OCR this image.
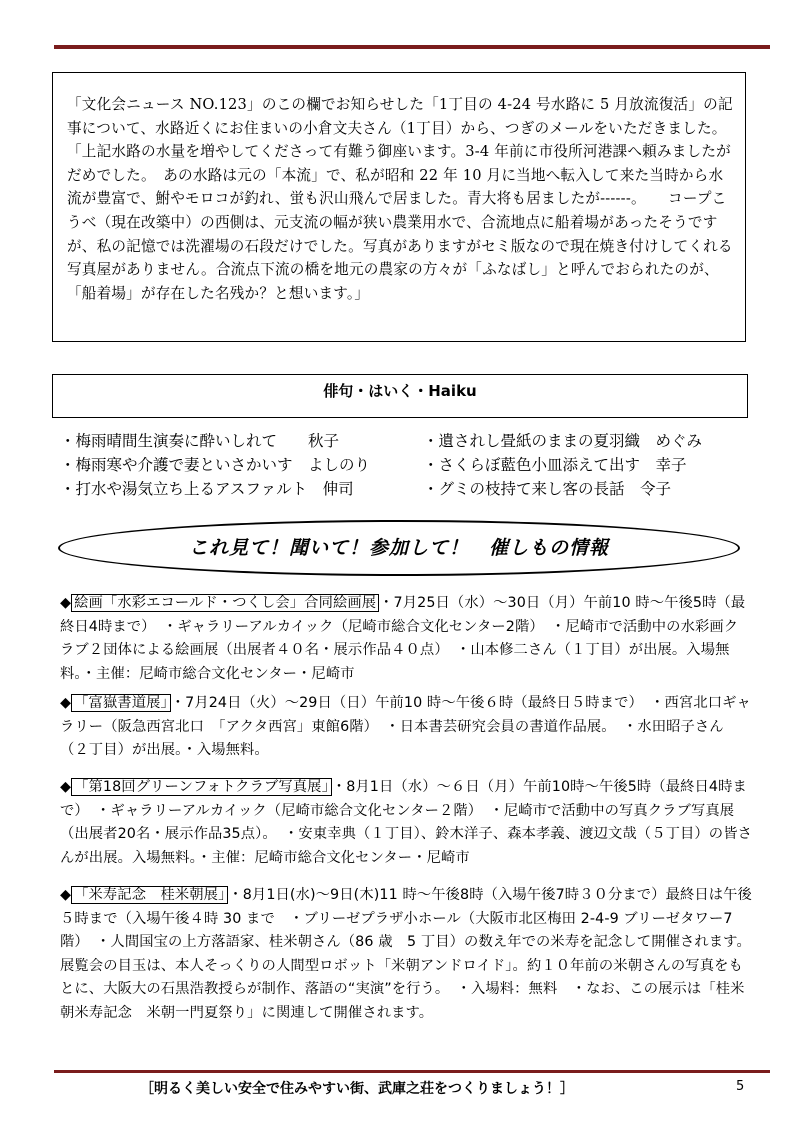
「文化会ニュース NO.123」のこの欄でお知らせした「1丁目の 4-24 号水路に 5 月放流復活」の記事について、水路近くにお住まいの小倉文夫さん（1丁目）から、つぎのメールをいただきました。

「上記水路の水量を増やしてくださって有難う御座います。3-4 年前に市役所河港課へ頼みましたがだめでした。　あの水路は元の「本流」で、私が昭和 22 年 10 月に当地へ転入して来た当時から水流が豊富で、鮒やモロコが釣れ、蛍も沢山飛んで居ました。青大将も居ましたが------。　　コープこうべ（現在改築中）の西側は、元支流の幅が狭い農業用水で、合流地点に船着場があったそうですが、私の記憶では洗濯場の石段だけでした。写真がありますがセミ版なので現在焼き付けしてくれる写真屋がありません。合流点下流の橋を地元の農家の方々が「ふなばし」と呼んでおられたのが、「船着場」が存在した名残か？と想います。」

俳句・はいく・Haiku
・梅雨晴間生演奏に酔いしれて　　秋子	・遺されし畳紙のままの夏羽織　めぐみ
・梅雨寒や介護で妻といさかいす　よしのり	・さくらぼ藍色小皿添えて出す　幸子
・打水や湯気立ち上るアスファルト　伸司	・グミの枝持て来し客の長話　令子
これ見て！聞いて！参加して！　催しもの情報
◆ 絵画「水彩エコールド・つくし会」合同絵画展 ・7月25日（水）〜30日（月）午前10 時〜午後5時（最終日4時まで）　・ギャラリーアルカイック（尼崎市総合文化センター2階）　・尼崎市で活動中の水彩画クラブ２団体による絵画展（出展者４０名・展示作品４０点）　・山本修二さん（１丁目）が出展。入場無料。・主催：尼崎市総合文化センター・尼崎市
◆ 「富嶽書道展」 ・7月24日（火）〜29日（日）午前10 時〜午後６時（最終日５時まで）　・西宮北口ギャラリー（阪急西宮北口　「アクタ西宮」東館6階）　・日本書芸研究会員の書道作品展。　・水田昭子さん（２丁目）が出展。・入場無料。
◆ 「第18回グリーンフォトクラブ写真展」 ・8月1日（水）〜６日（月）午前10時〜午後5時（最終日4時まで）　・ギャラリーアルカイック（尼崎市総合文化センター２階）　・尼崎市で活動中の写真クラブ写真展（出展者20名・展示作品35点）。　・安東幸典（１丁目）、鈴木洋子、森本孝義、渡辺文哉（５丁目）の皆さんが出展。入場無料。・主催：尼崎市総合文化センター・尼崎市
◆ 「米寿記念　桂米朝展」 ・8月1日(水)〜9日(木)11 時〜午後8時（入場午後7時３０分まで）最終日は午後５時まで（入場午後４時 30 まで　・ブリーゼプラザ小ホール（大阪市北区梅田 2-4-9 ブリーゼタワー7階）　・人間国宝の上方落語家、桂米朝さん（86 歳　5 丁目）の数え年での米寿を記念して開催されます。展覧会の目玉は、本人そっくりの人間型ロボット「米朝アンドロイド」。約１０年前の米朝さんの写真をもとに、大阪大の石黒浩教授らが制作、落語の“実演”を行う。　・入場料：無料　・なお、この展示は「桂米朝米寿記念　米朝一門夏祭り」に関連して開催されます。
［明るく美しい安全で住みやすい街、武庫之荘をつくりましょう！］	5
